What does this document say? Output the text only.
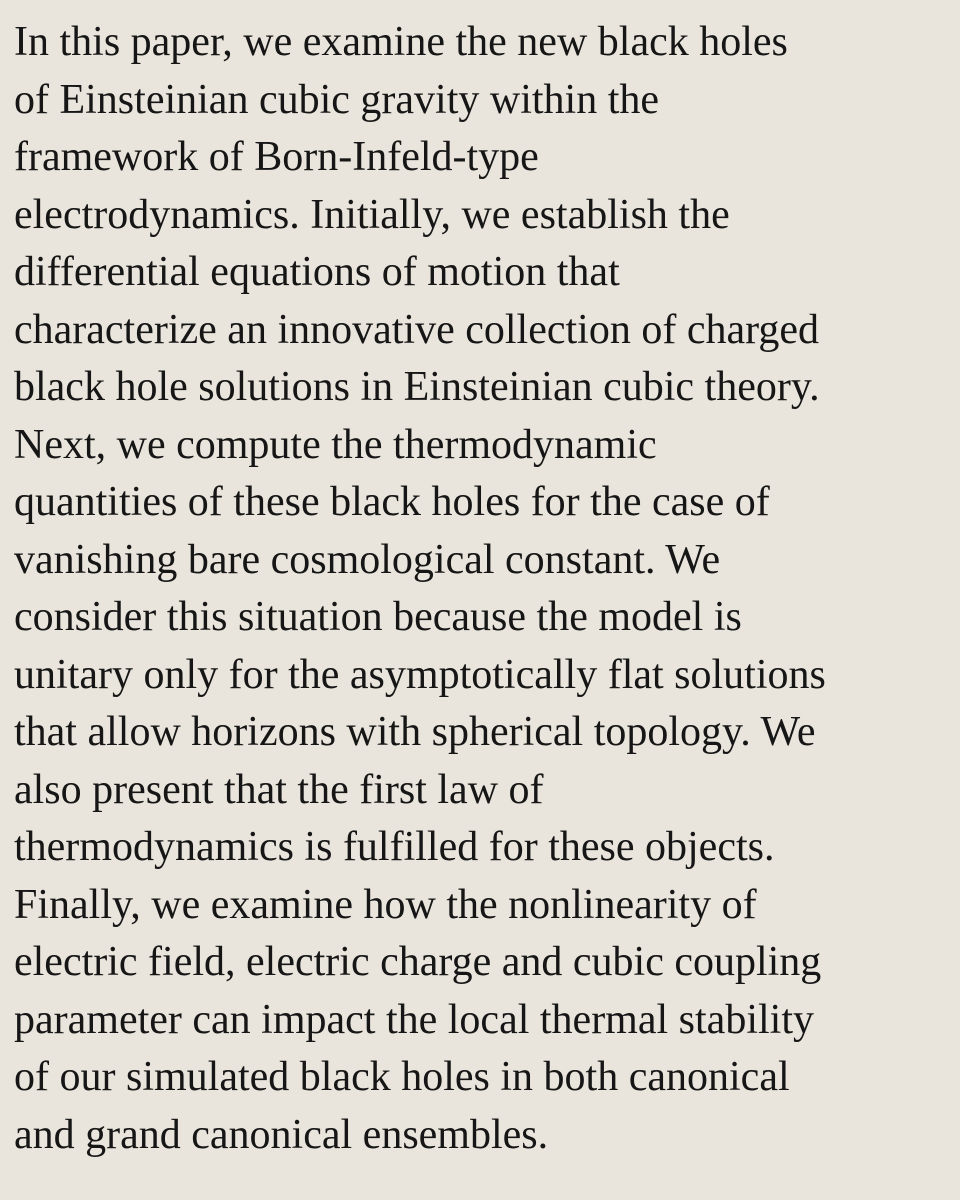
In this paper, we examine the new black holes
of Einsteinian cubic gravity within the
framework of Born-Infeld-type
electrodynamics. Initially, we establish the
differential equations of motion that
characterize an innovative collection of charged
black hole solutions in Einsteinian cubic theory.
Next, we compute the thermodynamic
quantities of these black holes for the case of
vanishing bare cosmological constant. We
consider this situation because the model is
unitary only for the asymptotically flat solutions
that allow horizons with spherical topology. We
also present that the first law of
thermodynamics is fulfilled for these objects.
Finally, we examine how the nonlinearity of
electric field, electric charge and cubic coupling
parameter can impact the local thermal stability
of our simulated black holes in both canonical
and grand canonical ensembles.
